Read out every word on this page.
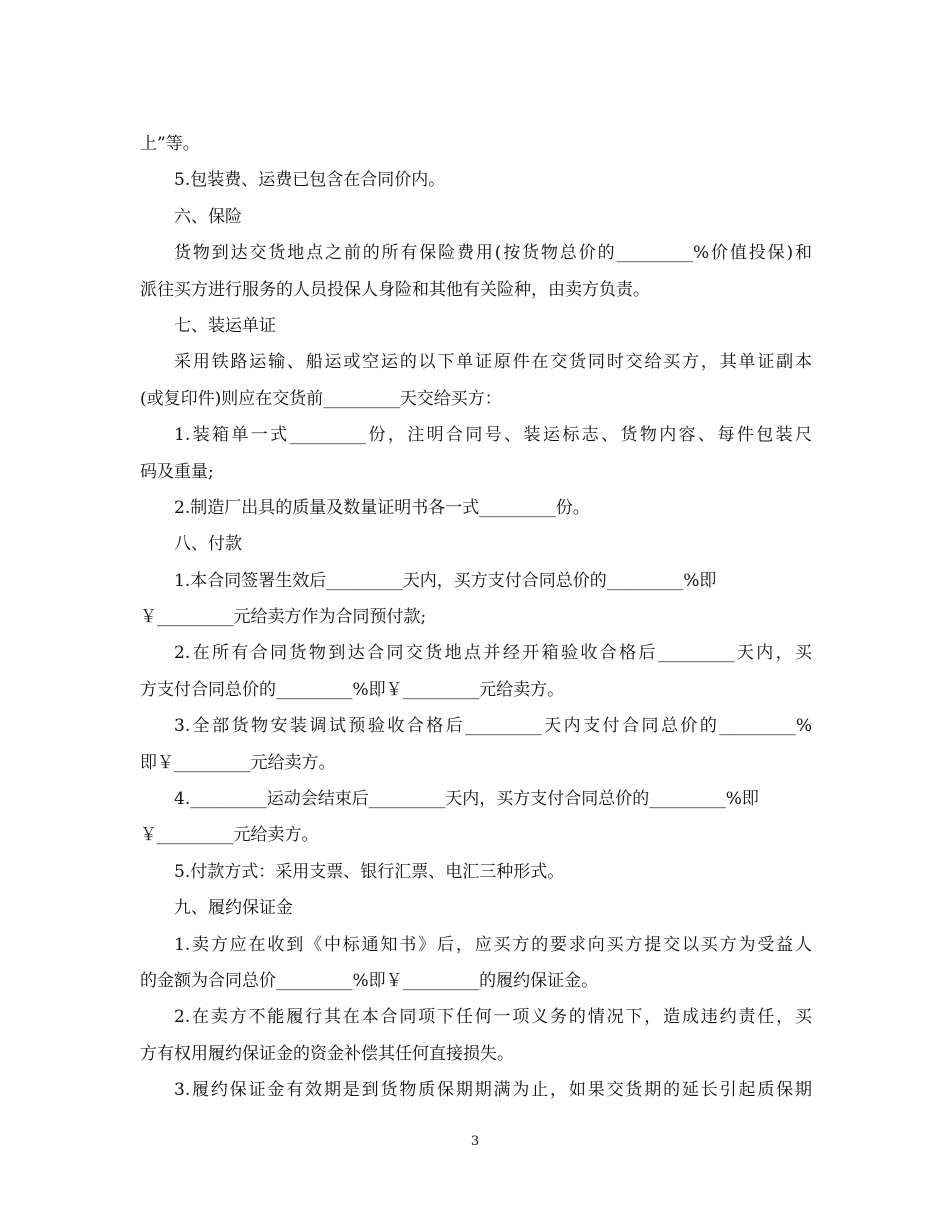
上”等。
5.包装费、运费已包含在合同价内。
六、保险
货物到达交货地点之前的所有保险费用(按货物总价的_________%价值投保)和
派往买方进行服务的人员投保人身险和其他有关险种，由卖方负责。
七、装运单证
采用铁路运输、船运或空运的以下单证原件在交货同时交给买方，其单证副本
(或复印件)则应在交货前_________天交给买方：
1.装箱单一式_________份，注明合同号、装运标志、货物内容、每件包装尺
码及重量;
2.制造厂出具的质量及数量证明书各一式_________份。
八、付款
1.本合同签署生效后_________天内，买方支付合同总价的_________%即
￥_________元给卖方作为合同预付款;
2.在所有合同货物到达合同交货地点并经开箱验收合格后_________天内，买
方支付合同总价的_________%即￥_________元给卖方。
3.全部货物安装调试预验收合格后_________天内支付合同总价的_________%
即￥_________元给卖方。
4._________运动会结束后_________天内，买方支付合同总价的_________%即
￥_________元给卖方。
5.付款方式：采用支票、银行汇票、电汇三种形式。
九、履约保证金
1.卖方应在收到《中标通知书》后，应买方的要求向买方提交以买方为受益人
的金额为合同总价_________%即￥_________的履约保证金。
2.在卖方不能履行其在本合同项下任何一项义务的情况下，造成违约责任，买
方有权用履约保证金的资金补偿其任何直接损失。
3.履约保证金有效期是到货物质保期期满为止，如果交货期的延长引起质保期
3
